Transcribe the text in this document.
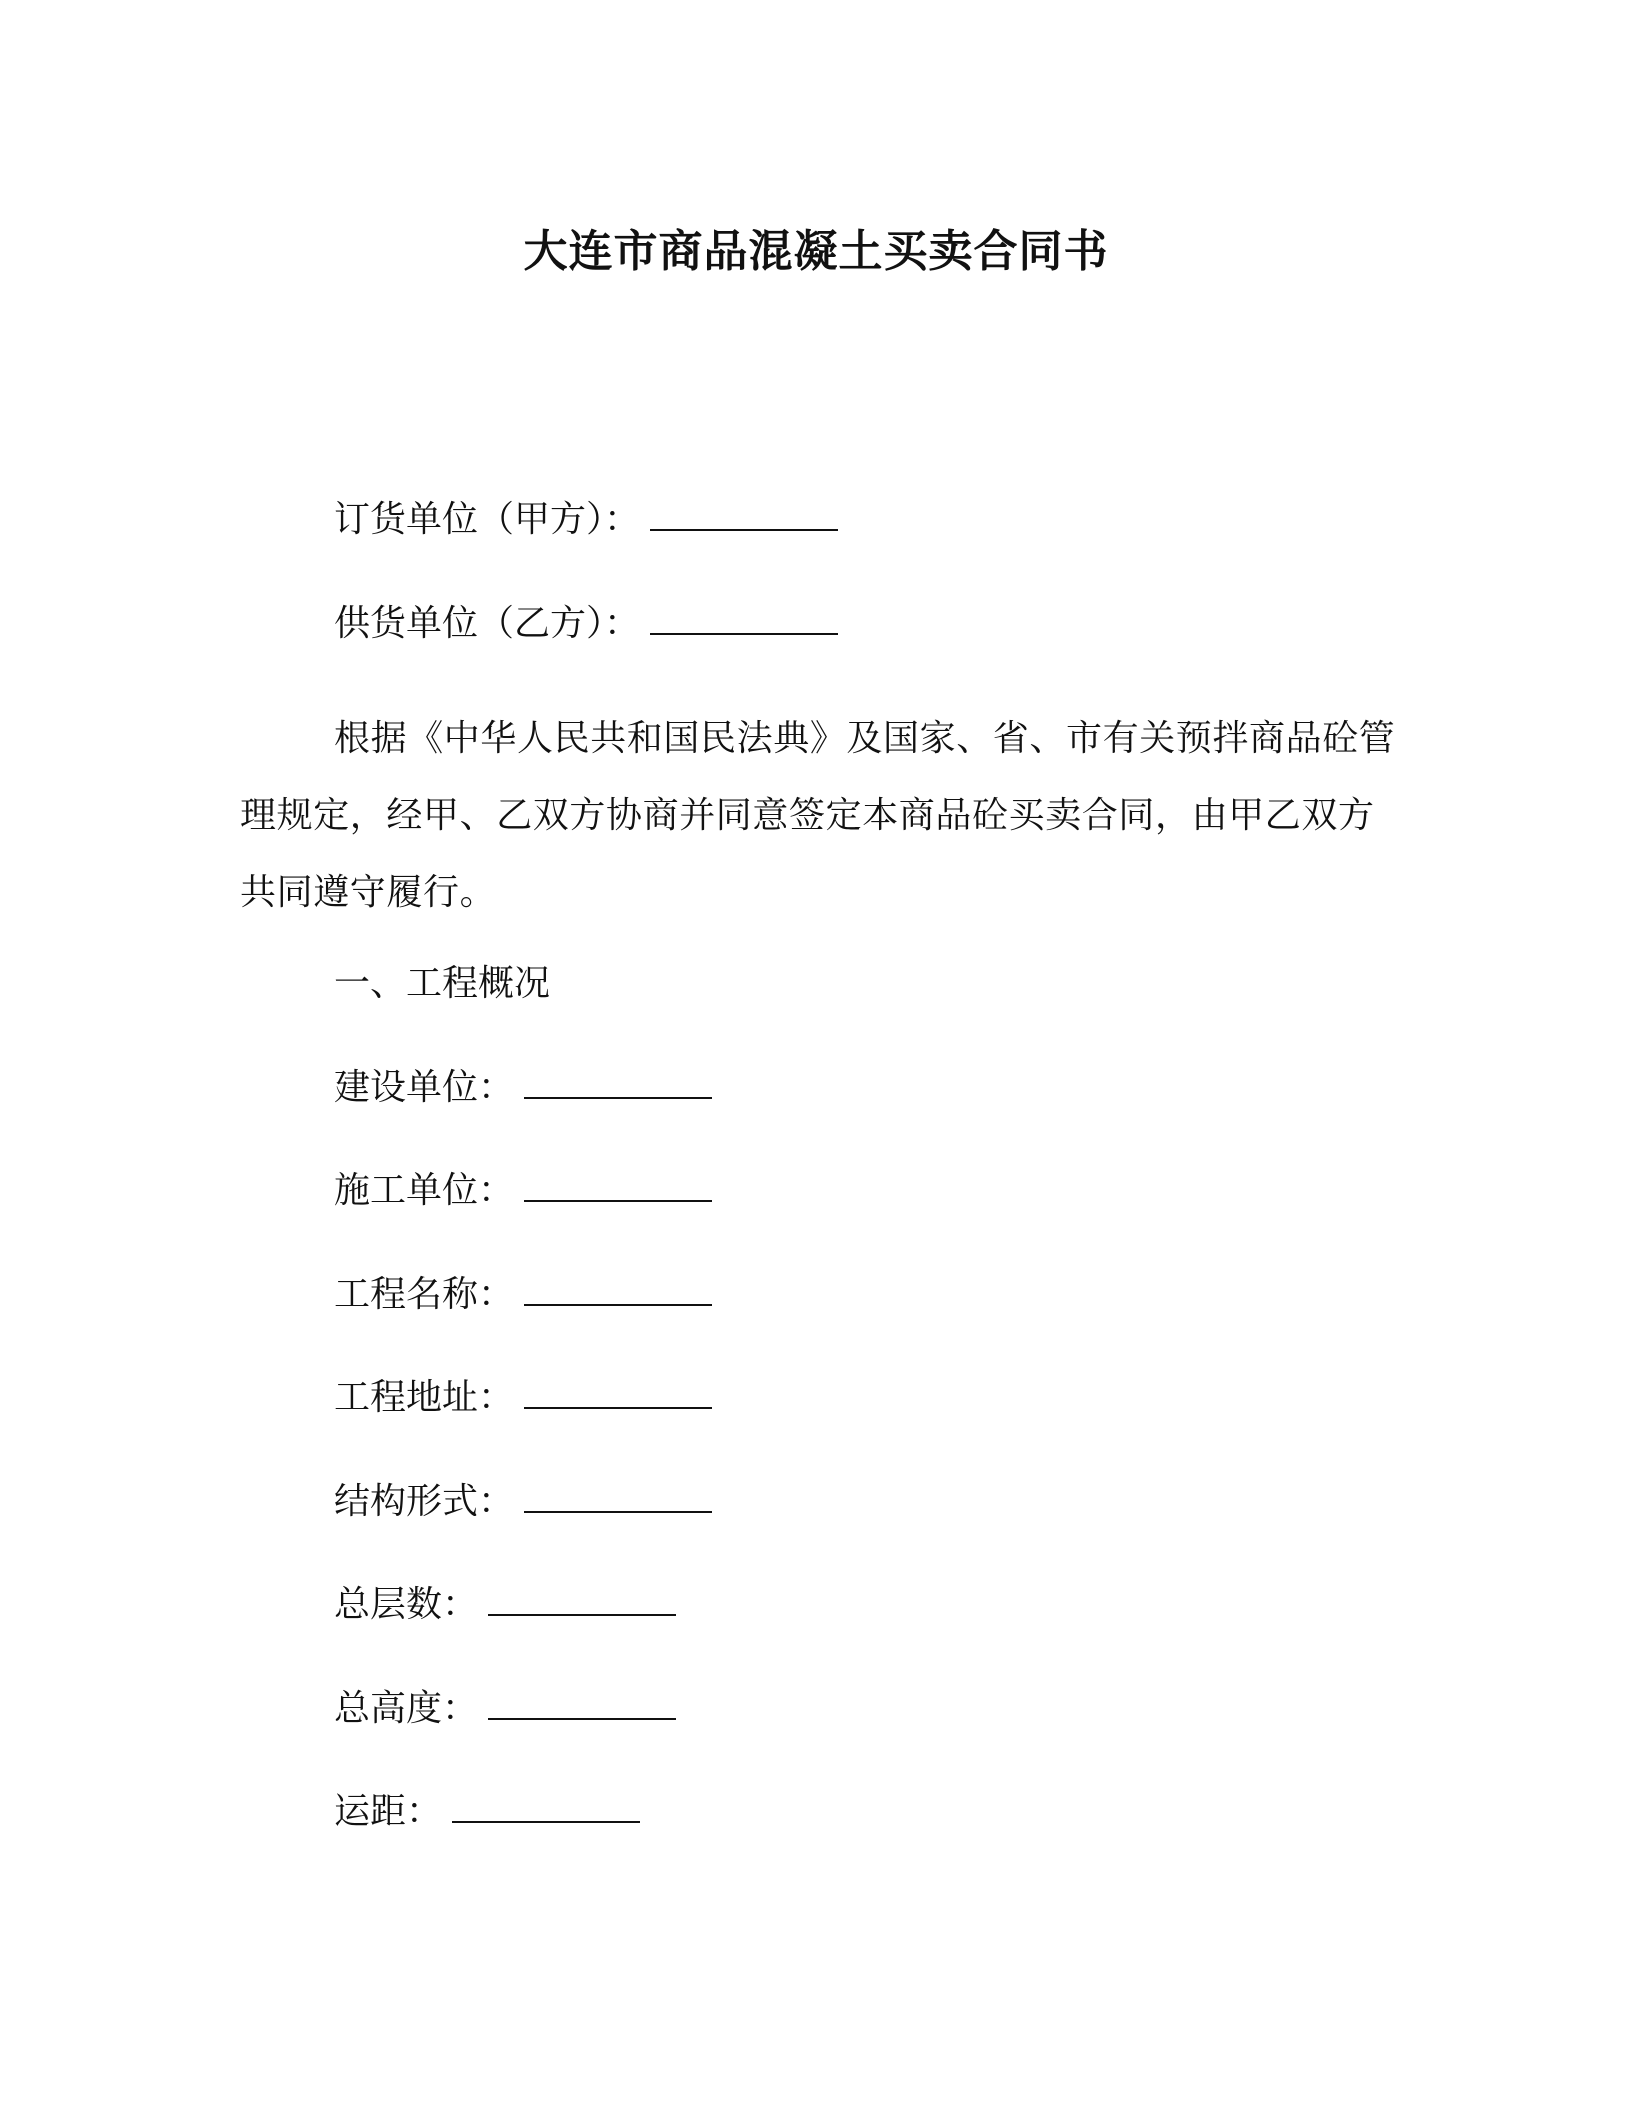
大连市商品混凝土买卖合同书
订货单位（甲方）：
供货单位（乙方）：
根据《中华人民共和国民法典》及国家、省、市有关预拌商品砼管理规定，经甲、乙双方协商并同意签定本商品砼买卖合同，由甲乙双方共同遵守履行。
一、工程概况
建设单位：
施工单位：
工程名称：
工程地址：
结构形式：
总层数：
总高度：
运距：
